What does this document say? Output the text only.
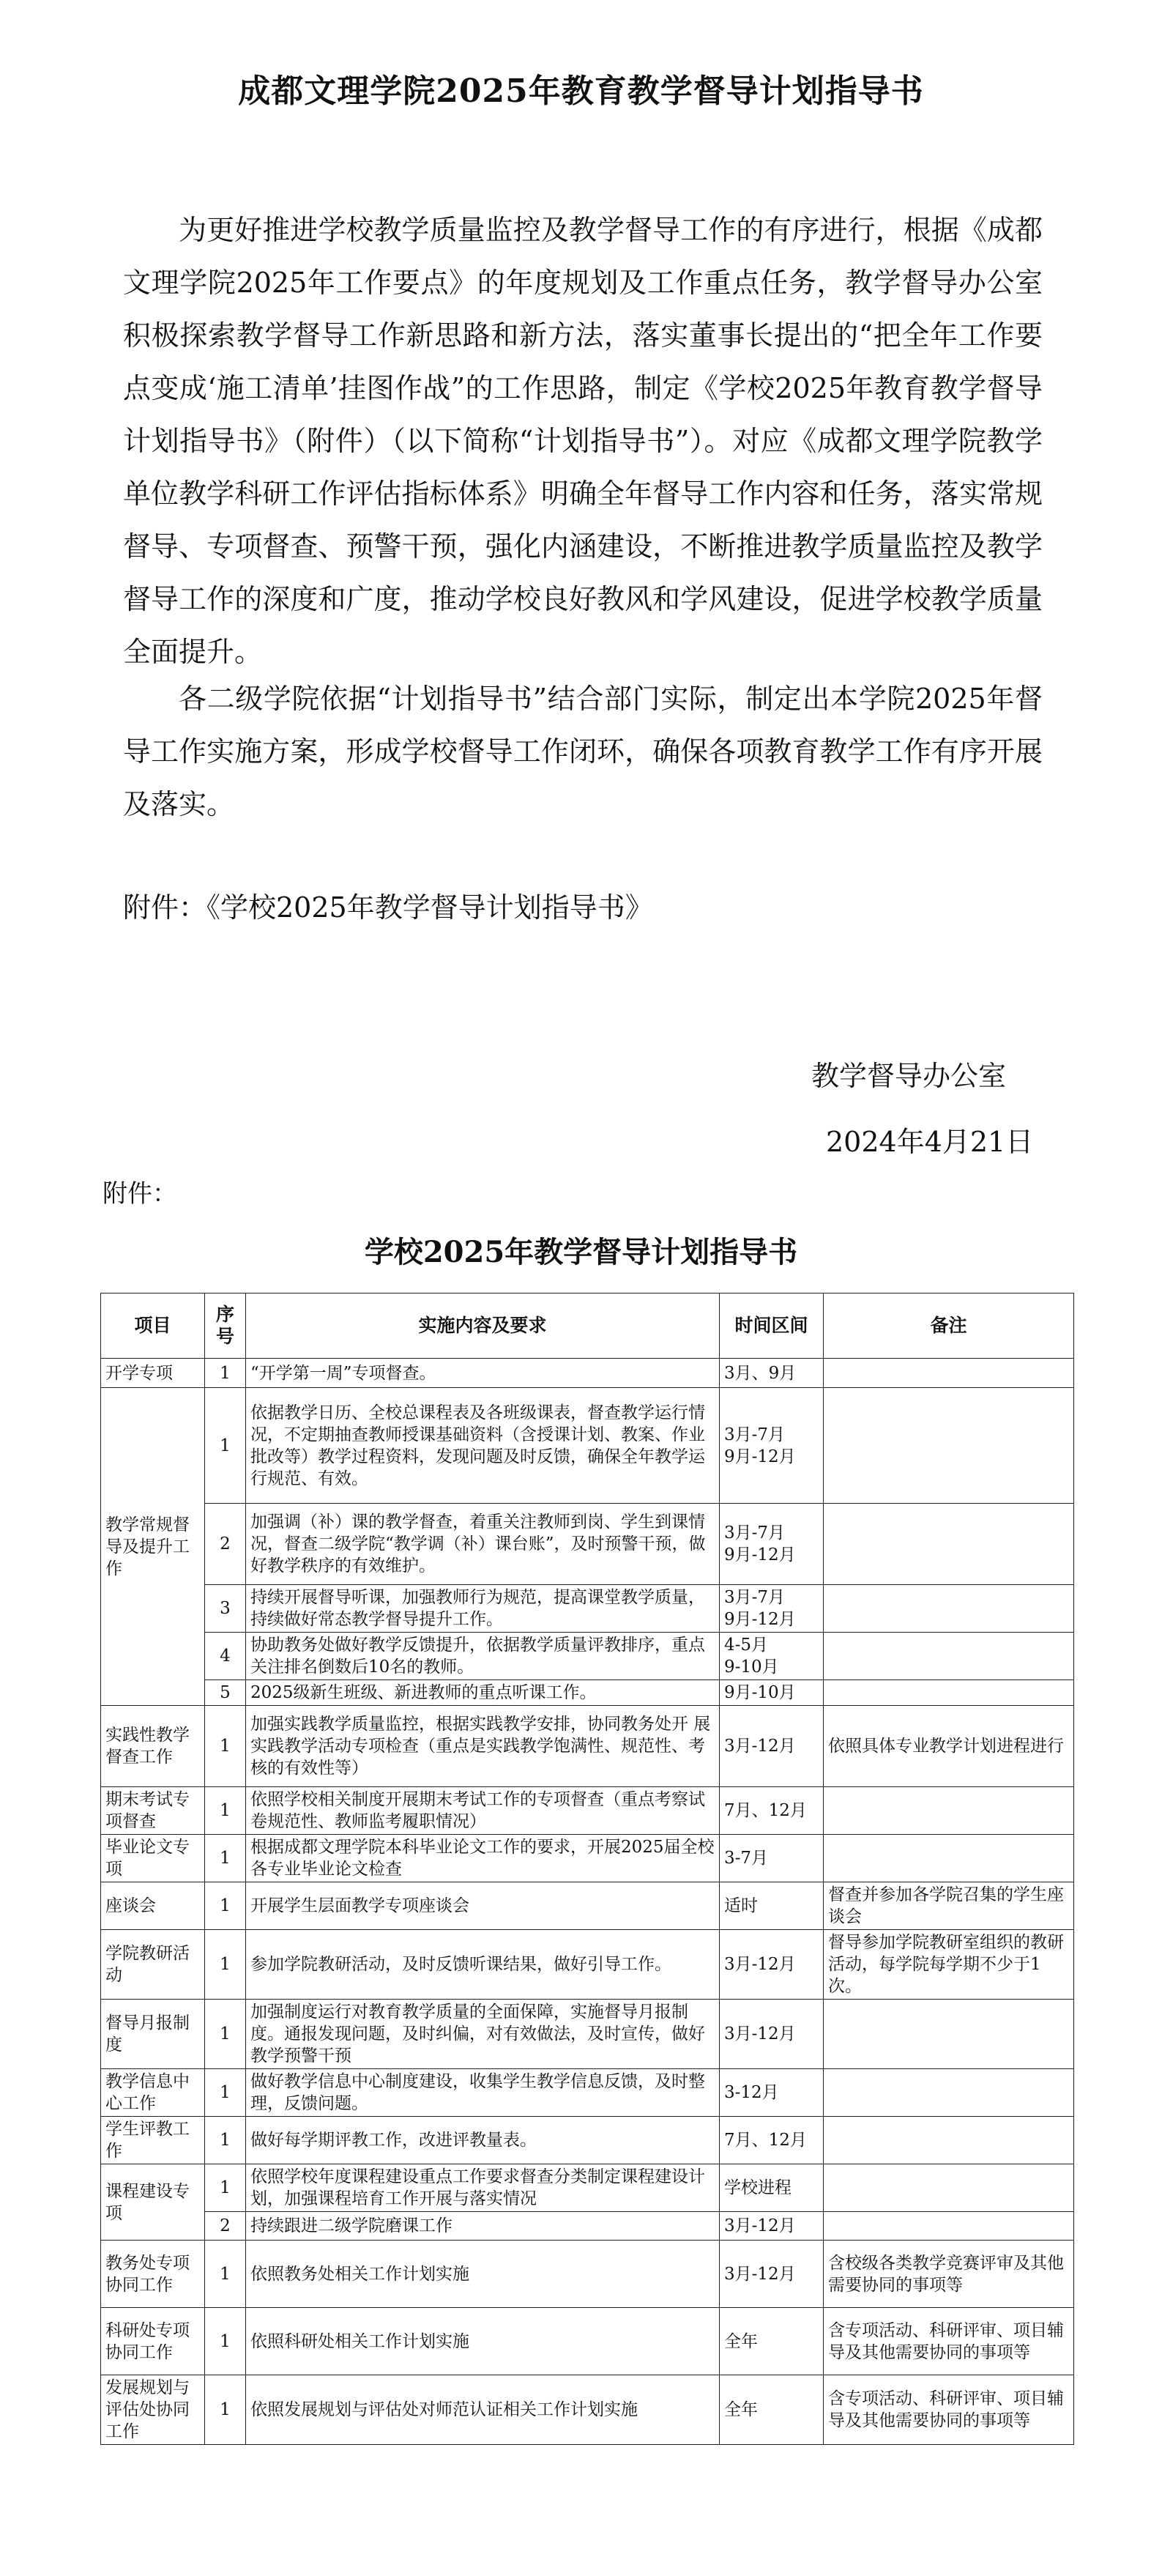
成都文理学院2025年教育教学督导计划指导书

为更好推进学校教学质量监控及教学督导工作的有序进行，根据《成都文理学院2025年工作要点》的年度规划及工作重点任务，教学督导办公室积极探索教学督导工作新思路和新方法，落实董事长提出的“把全年工作要点变成‘施工清单’挂图作战”的工作思路，制定《学校2025年教育教学督导计划指导书》（附件）（以下简称“计划指导书”）。对应《成都文理学院教学单位教学科研工作评估指标体系》明确全年督导工作内容和任务，落实常规督导、专项督查、预警干预，强化内涵建设，不断推进教学质量监控及教学督导工作的深度和广度，推动学校良好教风和学风建设，促进学校教学质量全面提升。

各二级学院依据“计划指导书”结合部门实际，制定出本学院2025年督导工作实施方案，形成学校督导工作闭环，确保各项教育教学工作有序开展及落实。

附件：《学校2025年教学督导计划指导书》
教学督导办公室
2024年4月21日
附件：
学校2025年教学督导计划指导书
项目	序号	实施内容及要求	时间区间	备注
开学专项	1	“开学第一周”专项督查。	3月、9月	
教学常规督导及提升工作	1	依据教学日历、全校总课程表及各班级课表，督查教学运行情况，不定期抽查教师授课基础资料（含授课计划、教案、作业批改等）教学过程资料，发现问题及时反馈，确保全年教学运行规范、有效。	3月-7月
9月-12月	
	2	加强调（补）课的教学督查，着重关注教师到岗、学生到课情况，督查二级学院“教学调（补）课台账”，及时预警干预，做好教学秩序的有效维护。	3月-7月
9月-12月	
	3	持续开展督导听课，加强教师行为规范，提高课堂教学质量，持续做好常态教学督导提升工作。	3月-7月
9月-12月	
	4	协助教务处做好教学反馈提升，依据教学质量评教排序，重点关注排名倒数后10名的教师。	4-5月
9-10月	
	5	2025级新生班级、新进教师的重点听课工作。	9月-10月	
实践性教学督查工作	1	加强实践教学质量监控，根据实践教学安排，协同教务处开 展实践教学活动专项检查（重点是实践教学饱满性、规范性、考核的有效性等）	3月-12月	依照具体专业教学计划进程进行
期末考试专项督查	1	依照学校相关制度开展期末考试工作的专项督查（重点考察试卷规范性、教师监考履职情况）	7月、12月	
毕业论文专项	1	根据成都文理学院本科毕业论文工作的要求，开展2025届全校各专业毕业论文检查	3-7月	
座谈会	1	开展学生层面教学专项座谈会	适时	督查并参加各学院召集的学生座谈会
学院教研活动	1	参加学院教研活动，及时反馈听课结果，做好引导工作。	3月-12月	督导参加学院教研室组织的教研活动，每学院每学期不少于1次。
督导月报制度	1	加强制度运行对教育教学质量的全面保障，实施督导月报制度。通报发现问题，及时纠偏，对有效做法，及时宣传，做好教学预警干预	3月-12月	
教学信息中心工作	1	做好教学信息中心制度建设，收集学生教学信息反馈，及时整理，反馈问题。	3-12月	
学生评教工作	1	做好每学期评教工作，改进评教量表。	7月、12月	
课程建设专项	1	依照学校年度课程建设重点工作要求督查分类制定课程建设计划，加强课程培育工作开展与落实情况	学校进程	
	2	持续跟进二级学院磨课工作	3月-12月	
教务处专项协同工作	1	依照教务处相关工作计划实施	3月-12月	含校级各类教学竞赛评审及其他需要协同的事项等
科研处专项协同工作	1	依照科研处相关工作计划实施	全年	含专项活动、科研评审、项目辅导及其他需要协同的事项等
发展规划与评估处协同工作	1	依照发展规划与评估处对师范认证相关工作计划实施	全年	含专项活动、科研评审、项目辅导及其他需要协同的事项等
